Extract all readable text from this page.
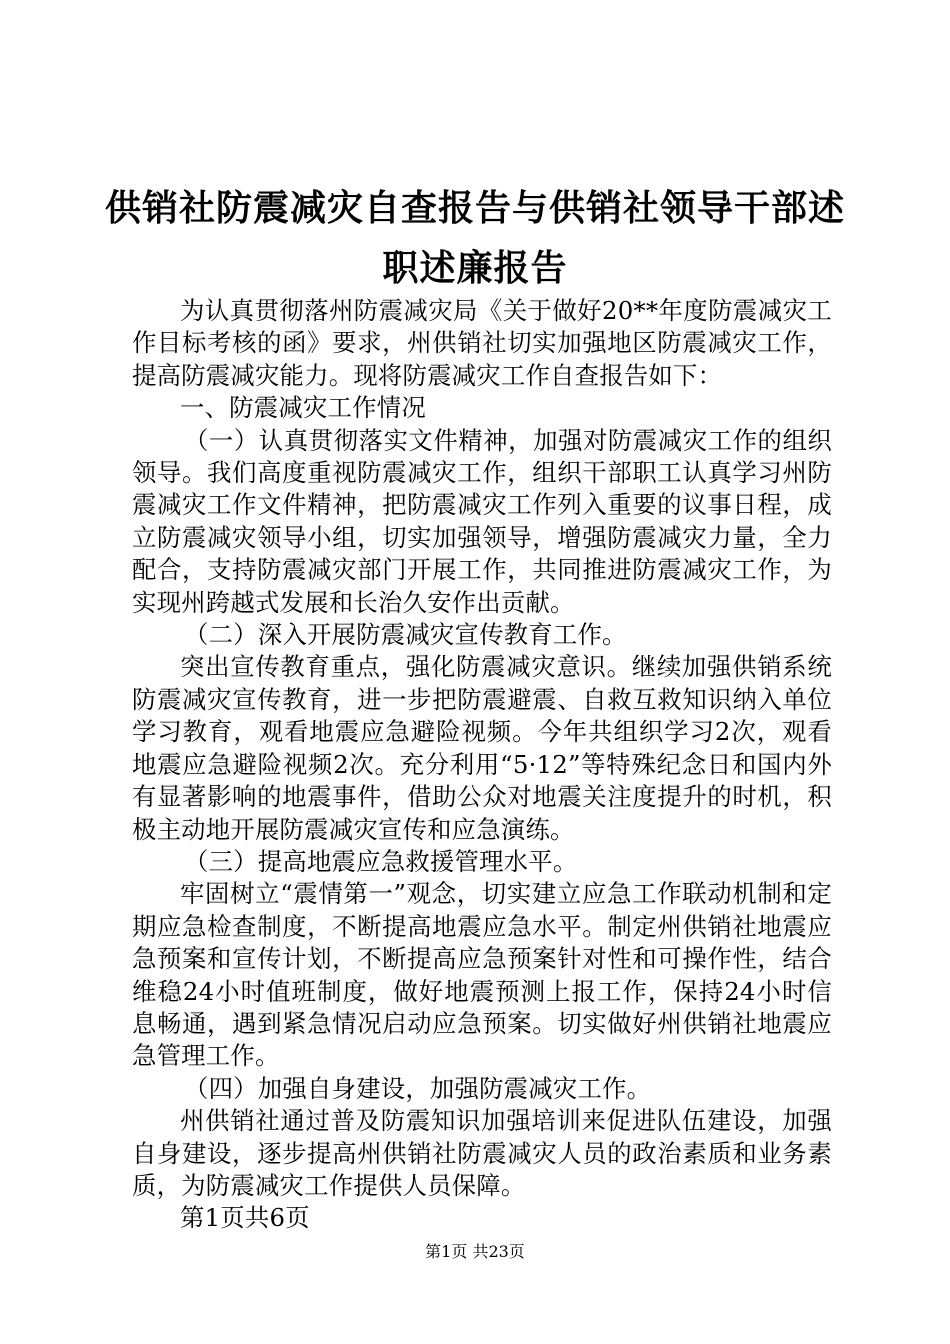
供销社防震减灾自查报告与供销社领导干部述
职述廉报告

为认真贯彻落州防震减灾局《关于做好20**年度防震减灾工作目标考核的函》要求，州供销社切实加强地区防震减灾工作，提高防震减灾能力。现将防震减灾工作自查报告如下：

一、防震减灾工作情况

（一）认真贯彻落实文件精神，加强对防震减灾工作的组织领导。我们高度重视防震减灾工作，组织干部职工认真学习州防震减灾工作文件精神，把防震减灾工作列入重要的议事日程，成立防震减灾领导小组，切实加强领导，增强防震减灾力量，全力配合，支持防震减灾部门开展工作，共同推进防震减灾工作，为实现州跨越式发展和长治久安作出贡献。

（二）深入开展防震减灾宣传教育工作。

突出宣传教育重点，强化防震减灾意识。继续加强供销系统防震减灾宣传教育，进一步把防震避震、自救互救知识纳入单位学习教育，观看地震应急避险视频。今年共组织学习2次，观看地震应急避险视频2次。充分利用“5·12”等特殊纪念日和国内外有显著影响的地震事件，借助公众对地震关注度提升的时机，积极主动地开展防震减灾宣传和应急演练。

（三）提高地震应急救援管理水平。

牢固树立“震情第一”观念，切实建立应急工作联动机制和定期应急检查制度，不断提高地震应急水平。制定州供销社地震应急预案和宣传计划，不断提高应急预案针对性和可操作性，结合维稳24小时值班制度，做好地震预测上报工作，保持24小时信息畅通，遇到紧急情况启动应急预案。切实做好州供销社地震应急管理工作。

（四）加强自身建设，加强防震减灾工作。

州供销社通过普及防震知识加强培训来促进队伍建设，加强自身建设，逐步提高州供销社防震减灾人员的政治素质和业务素质，为防震减灾工作提供人员保障。

第1页共6页

第1页 共23页
